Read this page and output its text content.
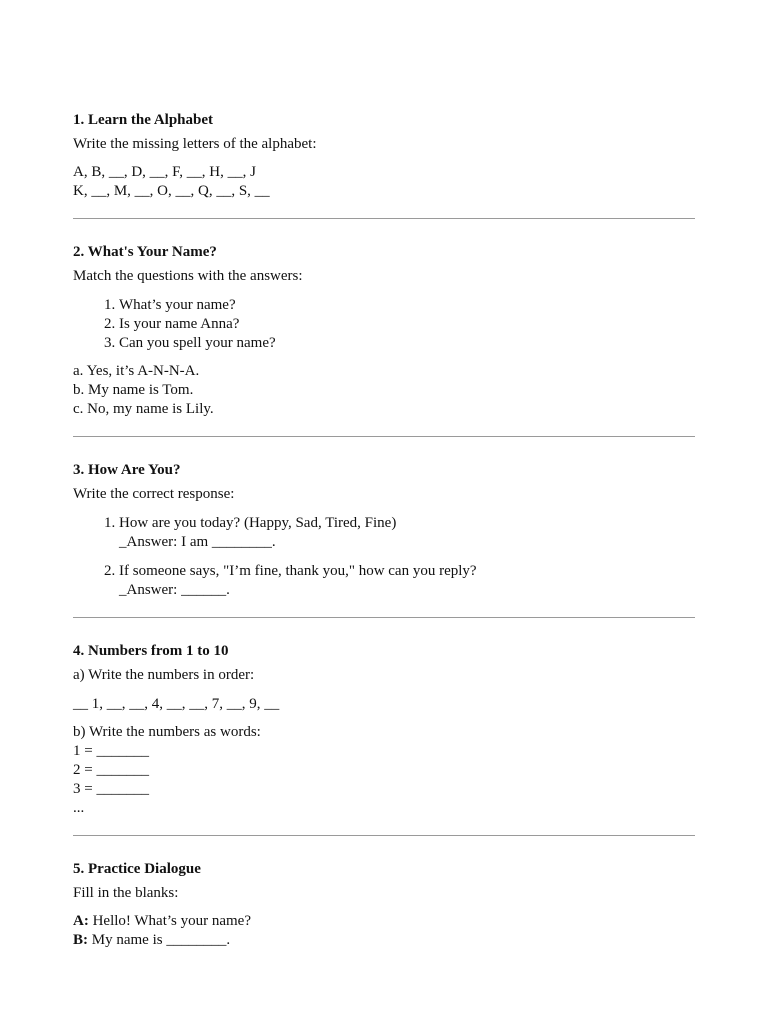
1. Learn the Alphabet

Write the missing letters of the alphabet:

A, B, __, D, __, F, __, H, __, J
K, __, M, __, O, __, Q, __, S, __

2. What's Your Name?

Match the questions with the answers:

1. What’s your name?
2. Is your name Anna?
3. Can you spell your name?
a. Yes, it’s A-N-N-A.
b. My name is Tom.
c. No, my name is Lily.

3. How Are You?

Write the correct response:

1. How are you today? (Happy, Sad, Tired, Fine)
_Answer: I am ________.
2. If someone says, "I’m fine, thank you," how can you reply?
_Answer: ______.

4. Numbers from 1 to 10

a) Write the numbers in order:

__ 1, __, __, 4, __, __, 7, __, 9, __

b) Write the numbers as words:
1 = _______
2 = _______
3 = _______
...

5. Practice Dialogue

Fill in the blanks:

A: Hello! What’s your name?
B: My name is ________.
